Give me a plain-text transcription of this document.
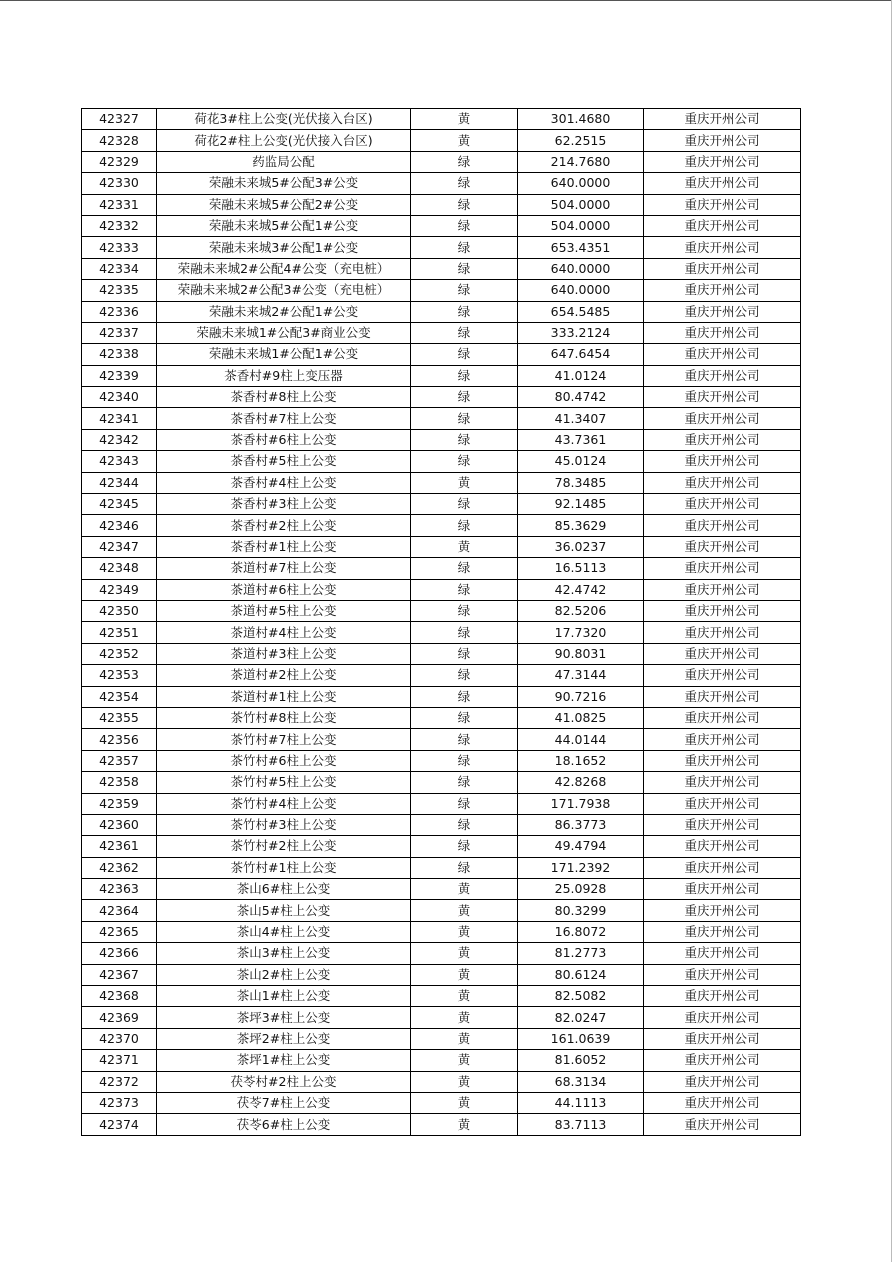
42327	荷花3#柱上公变(光伏接入台区)	黄	301.4680	重庆开州公司
42328	荷花2#柱上公变(光伏接入台区)	黄	62.2515	重庆开州公司
42329	药监局公配	绿	214.7680	重庆开州公司
42330	荣融未来城5#公配3#公变	绿	640.0000	重庆开州公司
42331	荣融未来城5#公配2#公变	绿	504.0000	重庆开州公司
42332	荣融未来城5#公配1#公变	绿	504.0000	重庆开州公司
42333	荣融未来城3#公配1#公变	绿	653.4351	重庆开州公司
42334	荣融未来城2#公配4#公变（充电桩）	绿	640.0000	重庆开州公司
42335	荣融未来城2#公配3#公变（充电桩）	绿	640.0000	重庆开州公司
42336	荣融未来城2#公配1#公变	绿	654.5485	重庆开州公司
42337	荣融未来城1#公配3#商业公变	绿	333.2124	重庆开州公司
42338	荣融未来城1#公配1#公变	绿	647.6454	重庆开州公司
42339	茶香村#9柱上变压器	绿	41.0124	重庆开州公司
42340	茶香村#8柱上公变	绿	80.4742	重庆开州公司
42341	茶香村#7柱上公变	绿	41.3407	重庆开州公司
42342	茶香村#6柱上公变	绿	43.7361	重庆开州公司
42343	茶香村#5柱上公变	绿	45.0124	重庆开州公司
42344	茶香村#4柱上公变	黄	78.3485	重庆开州公司
42345	茶香村#3柱上公变	绿	92.1485	重庆开州公司
42346	茶香村#2柱上公变	绿	85.3629	重庆开州公司
42347	茶香村#1柱上公变	黄	36.0237	重庆开州公司
42348	茶道村#7柱上公变	绿	16.5113	重庆开州公司
42349	茶道村#6柱上公变	绿	42.4742	重庆开州公司
42350	茶道村#5柱上公变	绿	82.5206	重庆开州公司
42351	茶道村#4柱上公变	绿	17.7320	重庆开州公司
42352	茶道村#3柱上公变	绿	90.8031	重庆开州公司
42353	茶道村#2柱上公变	绿	47.3144	重庆开州公司
42354	茶道村#1柱上公变	绿	90.7216	重庆开州公司
42355	茶竹村#8柱上公变	绿	41.0825	重庆开州公司
42356	茶竹村#7柱上公变	绿	44.0144	重庆开州公司
42357	茶竹村#6柱上公变	绿	18.1652	重庆开州公司
42358	茶竹村#5柱上公变	绿	42.8268	重庆开州公司
42359	茶竹村#4柱上公变	绿	171.7938	重庆开州公司
42360	茶竹村#3柱上公变	绿	86.3773	重庆开州公司
42361	茶竹村#2柱上公变	绿	49.4794	重庆开州公司
42362	茶竹村#1柱上公变	绿	171.2392	重庆开州公司
42363	茶山6#柱上公变	黄	25.0928	重庆开州公司
42364	茶山5#柱上公变	黄	80.3299	重庆开州公司
42365	茶山4#柱上公变	黄	16.8072	重庆开州公司
42366	茶山3#柱上公变	黄	81.2773	重庆开州公司
42367	茶山2#柱上公变	黄	80.6124	重庆开州公司
42368	茶山1#柱上公变	黄	82.5082	重庆开州公司
42369	茶坪3#柱上公变	黄	82.0247	重庆开州公司
42370	茶坪2#柱上公变	黄	161.0639	重庆开州公司
42371	茶坪1#柱上公变	黄	81.6052	重庆开州公司
42372	茯苓村#2柱上公变	黄	68.3134	重庆开州公司
42373	茯苓7#柱上公变	黄	44.1113	重庆开州公司
42374	茯苓6#柱上公变	黄	83.7113	重庆开州公司
